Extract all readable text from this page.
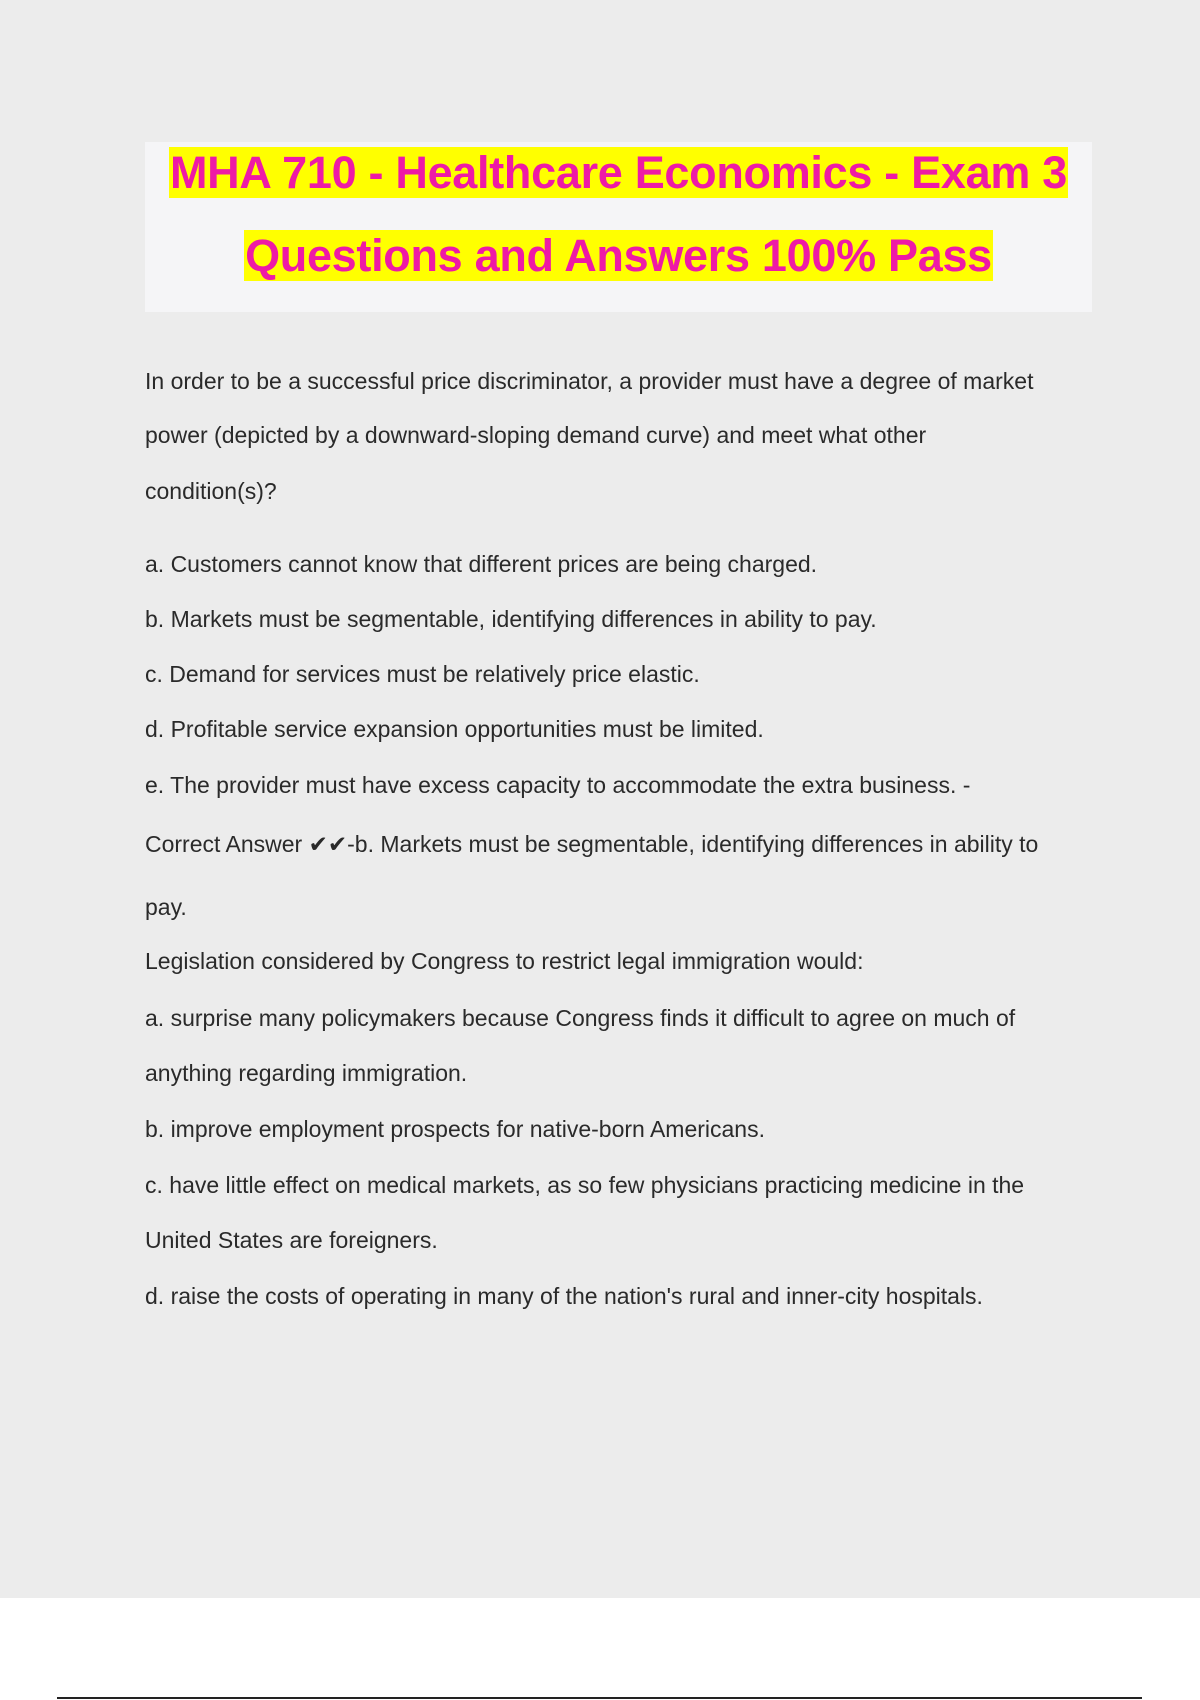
MHA 710 - Healthcare Economics - Exam 3
Questions and Answers 100% Pass
In order to be a successful price discriminator, a provider must have a degree of market
power (depicted by a downward-sloping demand curve) and meet what other
condition(s)?
a. Customers cannot know that different prices are being charged.
b. Markets must be segmentable, identifying differences in ability to pay.
c. Demand for services must be relatively price elastic.
d. Profitable service expansion opportunities must be limited.
e. The provider must have excess capacity to accommodate the extra business. -
Correct Answer ✔✔-b. Markets must be segmentable, identifying differences in ability to
pay.
Legislation considered by Congress to restrict legal immigration would:
a. surprise many policymakers because Congress finds it difficult to agree on much of
anything regarding immigration.
b. improve employment prospects for native-born Americans.
c. have little effect on medical markets, as so few physicians practicing medicine in the
United States are foreigners.
d. raise the costs of operating in many of the nation's rural and inner-city hospitals.
